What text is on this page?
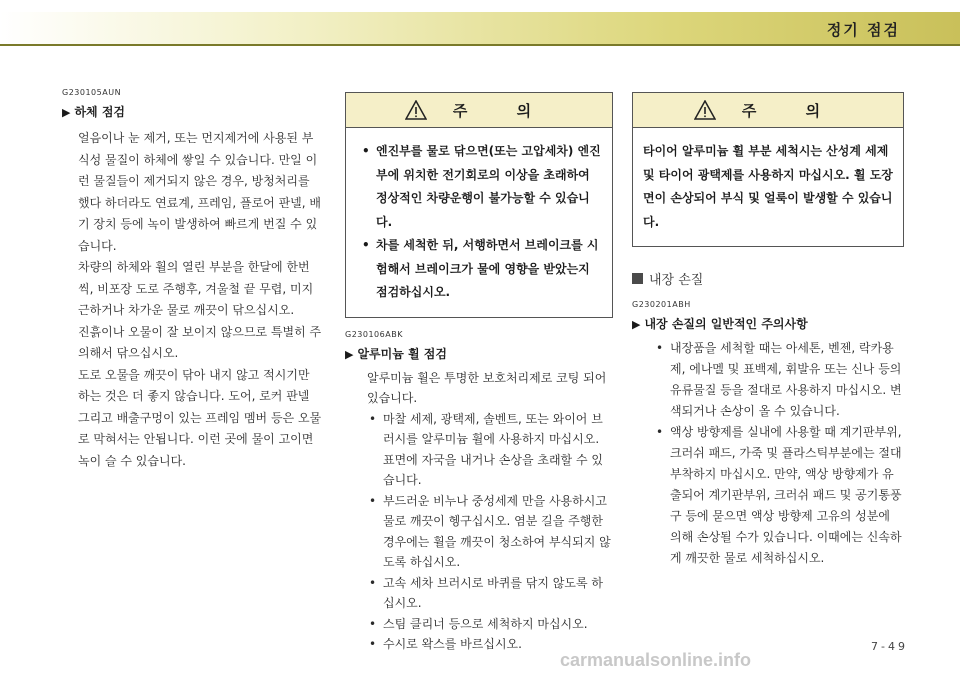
정기 점검
G230105AUN
▶ 하체 점검
얼음이나 눈 제거, 또는 먼지제거에 사용된 부식성 물질이 하체에 쌓일 수 있습니다. 만일 이런 물질들이 제거되지 않은 경우, 방청처리를 했다 하더라도 연료계, 프레임, 플로어 판넬, 배기 장치 등에 녹이 발생하여 빠르게 번질 수 있습니다.
차량의 하체와 휠의 열린 부분을 한달에 한번씩, 비포장 도로 주행후, 겨울철 끝 무렵, 미지근하거나 차가운 물로 깨끗이 닦으십시오.
진흙이나 오물이 잘 보이지 않으므로 특별히 주의해서 닦으십시오.
도로 오물을 깨끗이 닦아 내지 않고 적시기만 하는 것은 더 좋지 않습니다. 도어, 로커 판넬 그리고 배출구멍이 있는 프레임 멤버 등은 오물로 막혀서는 안됩니다. 이런 곳에 물이 고이면 녹이 슬 수 있습니다.
주 의
• 엔진부를 물로 닦으면(또는 고압세차) 엔진부에 위치한 전기회로의 이상을 초래하여 정상적인 차량운행이 불가능할 수 있습니다.
• 차를 세척한 뒤, 서행하면서 브레이크를 시험해서 브레이크가 물에 영향을 받았는지 점검하십시오.
G230106ABK
▶ 알루미늄 휠 점검
알루미늄 휠은 투명한 보호처리제로 코팅 되어 있습니다.
• 마찰 세제, 광택제, 솔벤트, 또는 와이어 브러시를 알루미늄 휠에 사용하지 마십시오. 표면에 자국을 내거나 손상을 초래할 수 있습니다.
• 부드러운 비누나 중성세제 만을 사용하시고 물로 깨끗이 헹구십시오. 염분 길을 주행한 경우에는 휠을 깨끗이 청소하여 부식되지 않도록 하십시오.
• 고속 세차 브러시로 바퀴를 닦지 않도록 하십시오.
• 스팀 클리너 등으로 세척하지 마십시오.
• 수시로 왁스를 바르십시오.
주 의
타이어 알루미늄 휠 부분 세척시는 산성계 세제 및 타이어 광택제를 사용하지 마십시오. 휠 도장면이 손상되어 부식 및 얼룩이 발생할 수 있습니다.
내장 손질
G230201ABH
▶ 내장 손질의 일반적인 주의사항
• 내장품을 세척할 때는 아세톤, 벤젠, 락카용제, 에나멜 및 표백제, 휘발유 또는 신나 등의 유류물질 등을 절대로 사용하지 마십시오. 변색되거나 손상이 올 수 있습니다.
• 액상 방향제를 실내에 사용할 때 계기판부위, 크러쉬 패드, 가죽 및 플라스틱부분에는 절대 부착하지 마십시오. 만약, 액상 방향제가 유출되어 계기판부위, 크러쉬 패드 및 공기통풍구 등에 묻으면 액상 방향제 고유의 성분에 의해 손상될 수가 있습니다. 이때에는 신속하게 깨끗한 물로 세척하십시오.
7-49
carmanualsonline.info
